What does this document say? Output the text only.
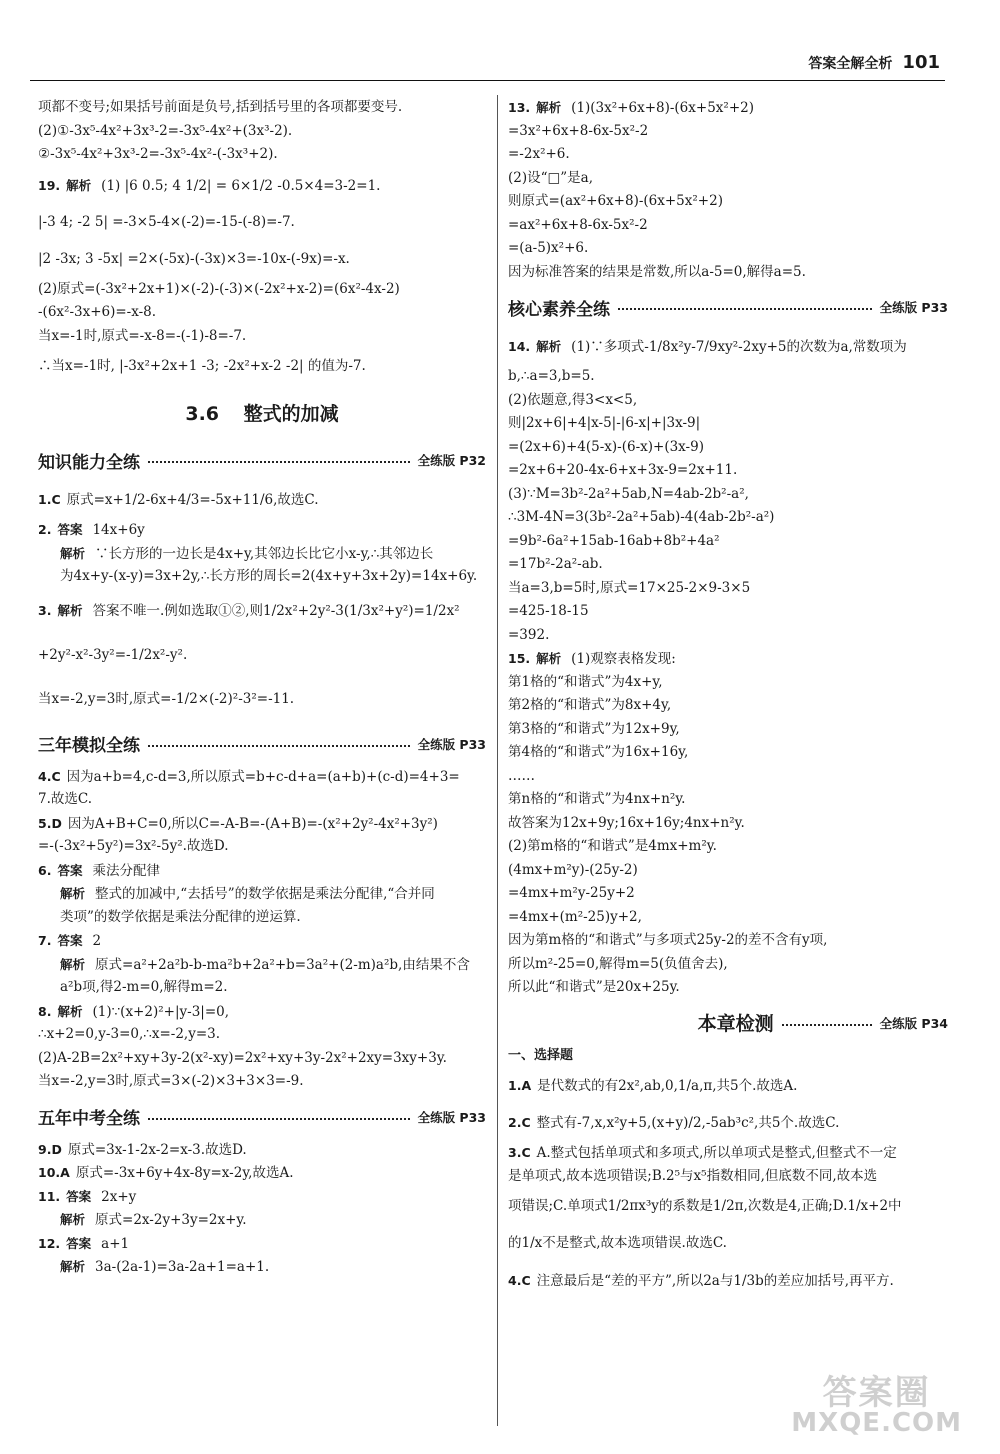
答案全解全析 101
项都不变号;如果括号前面是负号,括到括号里的各项都要变号.
(2)①-3x⁵-4x²+3x³-2=-3x⁵-4x²+(3x³-2).
②-3x⁵-4x²+3x³-2=-3x⁵-4x²-(-3x³+2).
19. 解析 (1) |6 0.5; 4 1/2| = 6×1/2 -0.5×4=3-2=1.
|-3 4; -2 5| =-3×5-4×(-2)=-15-(-8)=-7.
|2 -3x; 3 -5x| =2×(-5x)-(-3x)×3=-10x-(-9x)=-x.
(2)原式=(-3x²+2x+1)×(-2)-(-3)×(-2x²+x-2)=(6x²-4x-2)
-(6x²-3x+6)=-x-8.
当x=-1时,原式=-x-8=-(-1)-8=-7.
∴当x=-1时, |-3x²+2x+1 -3; -2x²+x-2 -2| 的值为-7.
3.6 整式的加减
知识能力全练	全练版 P32
1.C 原式=x+1/2-6x+4/3=-5x+11/6,故选C.
2. 答案 14x+6y
解析 ∵长方形的一边长是4x+y,其邻边长比它小x-y,∴其邻边长
为4x+y-(x-y)=3x+2y,∴长方形的周长=2(4x+y+3x+2y)=14x+6y.
3. 解析 答案不唯一.例如选取①②,则1/2x²+2y²-3(1/3x²+y²)=1/2x²
+2y²-x²-3y²=-1/2x²-y².
当x=-2,y=3时,原式=-1/2×(-2)²-3²=-11.
三年模拟全练	全练版 P33
4.C 因为a+b=4,c-d=3,所以原式=b+c-d+a=(a+b)+(c-d)=4+3=
7.故选C.
5.D 因为A+B+C=0,所以C=-A-B=-(A+B)=-(x²+2y²-4x²+3y²)
=-(-3x²+5y²)=3x²-5y².故选D.
6. 答案 乘法分配律
解析 整式的加减中,“去括号”的数学依据是乘法分配律,“合并同
类项”的数学依据是乘法分配律的逆运算.
7. 答案 2
解析 原式=a²+2a²b-b-ma²b+2a²+b=3a²+(2-m)a²b,由结果不含
a²b项,得2-m=0,解得m=2.
8. 解析 (1)∵(x+2)²+|y-3|=0,
∴x+2=0,y-3=0,∴x=-2,y=3.
(2)A-2B=2x²+xy+3y-2(x²-xy)=2x²+xy+3y-2x²+2xy=3xy+3y.
当x=-2,y=3时,原式=3×(-2)×3+3×3=-9.
五年中考全练	全练版 P33
9.D 原式=3x-1-2x-2=x-3.故选D.
10.A 原式=-3x+6y+4x-8y=x-2y,故选A.
11. 答案 2x+y
解析 原式=2x-2y+3y=2x+y.
12. 答案 a+1
解析 3a-(2a-1)=3a-2a+1=a+1.
13. 解析 (1)(3x²+6x+8)-(6x+5x²+2)
=3x²+6x+8-6x-5x²-2
=-2x²+6.
(2)设“□”是a,
则原式=(ax²+6x+8)-(6x+5x²+2)
=ax²+6x+8-6x-5x²-2
=(a-5)x²+6.
因为标准答案的结果是常数,所以a-5=0,解得a=5.
核心素养全练	全练版 P33
14. 解析 (1)∵多项式-1/8x²y-7/9xy²-2xy+5的次数为a,常数项为
b,∴a=3,b=5.
(2)依题意,得3<x<5,
则|2x+6|+4|x-5|-|6-x|+|3x-9|
=(2x+6)+4(5-x)-(6-x)+(3x-9)
=2x+6+20-4x-6+x+3x-9=2x+11.
(3)∵M=3b²-2a²+5ab,N=4ab-2b²-a²,
∴3M-4N=3(3b²-2a²+5ab)-4(4ab-2b²-a²)
=9b²-6a²+15ab-16ab+8b²+4a²
=17b²-2a²-ab.
当a=3,b=5时,原式=17×25-2×9-3×5
=425-18-15
=392.
15. 解析 (1)观察表格发现:
第1格的“和谐式”为4x+y,
第2格的“和谐式”为8x+4y,
第3格的“和谐式”为12x+9y,
第4格的“和谐式”为16x+16y,
……
第n格的“和谐式”为4nx+n²y.
故答案为12x+9y;16x+16y;4nx+n²y.
(2)第m格的“和谐式”是4mx+m²y.
(4mx+m²y)-(25y-2)
=4mx+m²y-25y+2
=4mx+(m²-25)y+2,
因为第m格的“和谐式”与多项式25y-2的差不含有y项,
所以m²-25=0,解得m=5(负值舍去),
所以此“和谐式”是20x+25y.
本章检测	全练版 P34
一、选择题
1.A 是代数式的有2x²,ab,0,1/a,π,共5个.故选A.
2.C 整式有-7,x,x²y+5,(x+y)/2,-5ab³c²,共5个.故选C.
3.C A.整式包括单项式和多项式,所以单项式是整式,但整式不一定
是单项式,故本选项错误;B.2⁵与x⁵指数相同,但底数不同,故本选
项错误;C.单项式1/2πx³y的系数是1/2π,次数是4,正确;D.1/x+2中
的1/x不是整式,故本选项错误.故选C.
4.C 注意最后是“差的平方”,所以2a与1/3b的差应加括号,再平方.
答案圈
MXQE.COM
